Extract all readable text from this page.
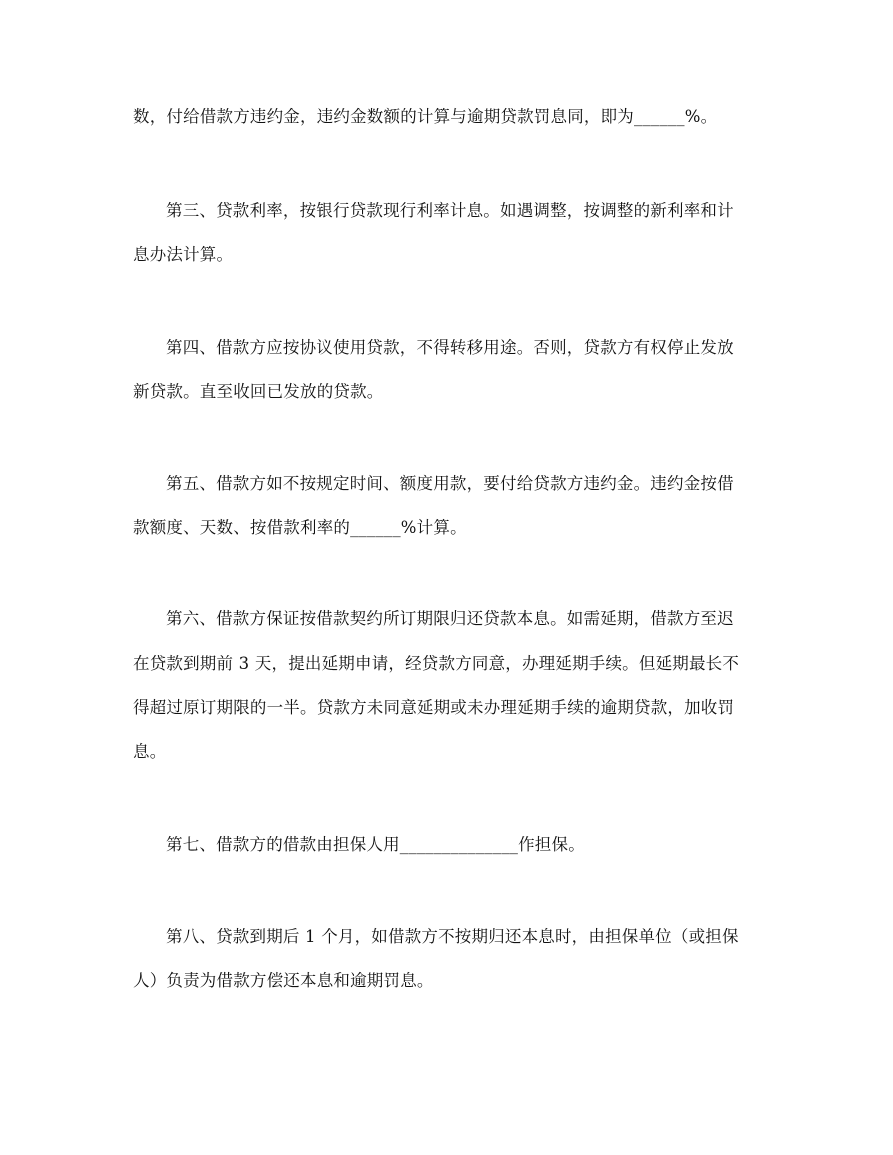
数，付给借款方违约金，违约金数额的计算与逾期贷款罚息同，即为______%。
第三、贷款利率，按银行贷款现行利率计息。如遇调整，按调整的新利率和计
息办法计算。
第四、借款方应按协议使用贷款，不得转移用途。否则，贷款方有权停止发放
新贷款。直至收回已发放的贷款。
第五、借款方如不按规定时间、额度用款，要付给贷款方违约金。违约金按借
款额度、天数、按借款利率的______%计算。
第六、借款方保证按借款契约所订期限归还贷款本息。如需延期，借款方至迟
在贷款到期前 3 天，提出延期申请，经贷款方同意，办理延期手续。但延期最长不
得超过原订期限的一半。贷款方未同意延期或未办理延期手续的逾期贷款，加收罚
息。
第七、借款方的借款由担保人用______________作担保。
第八、贷款到期后 1 个月，如借款方不按期归还本息时，由担保单位（或担保
人）负责为借款方偿还本息和逾期罚息。
